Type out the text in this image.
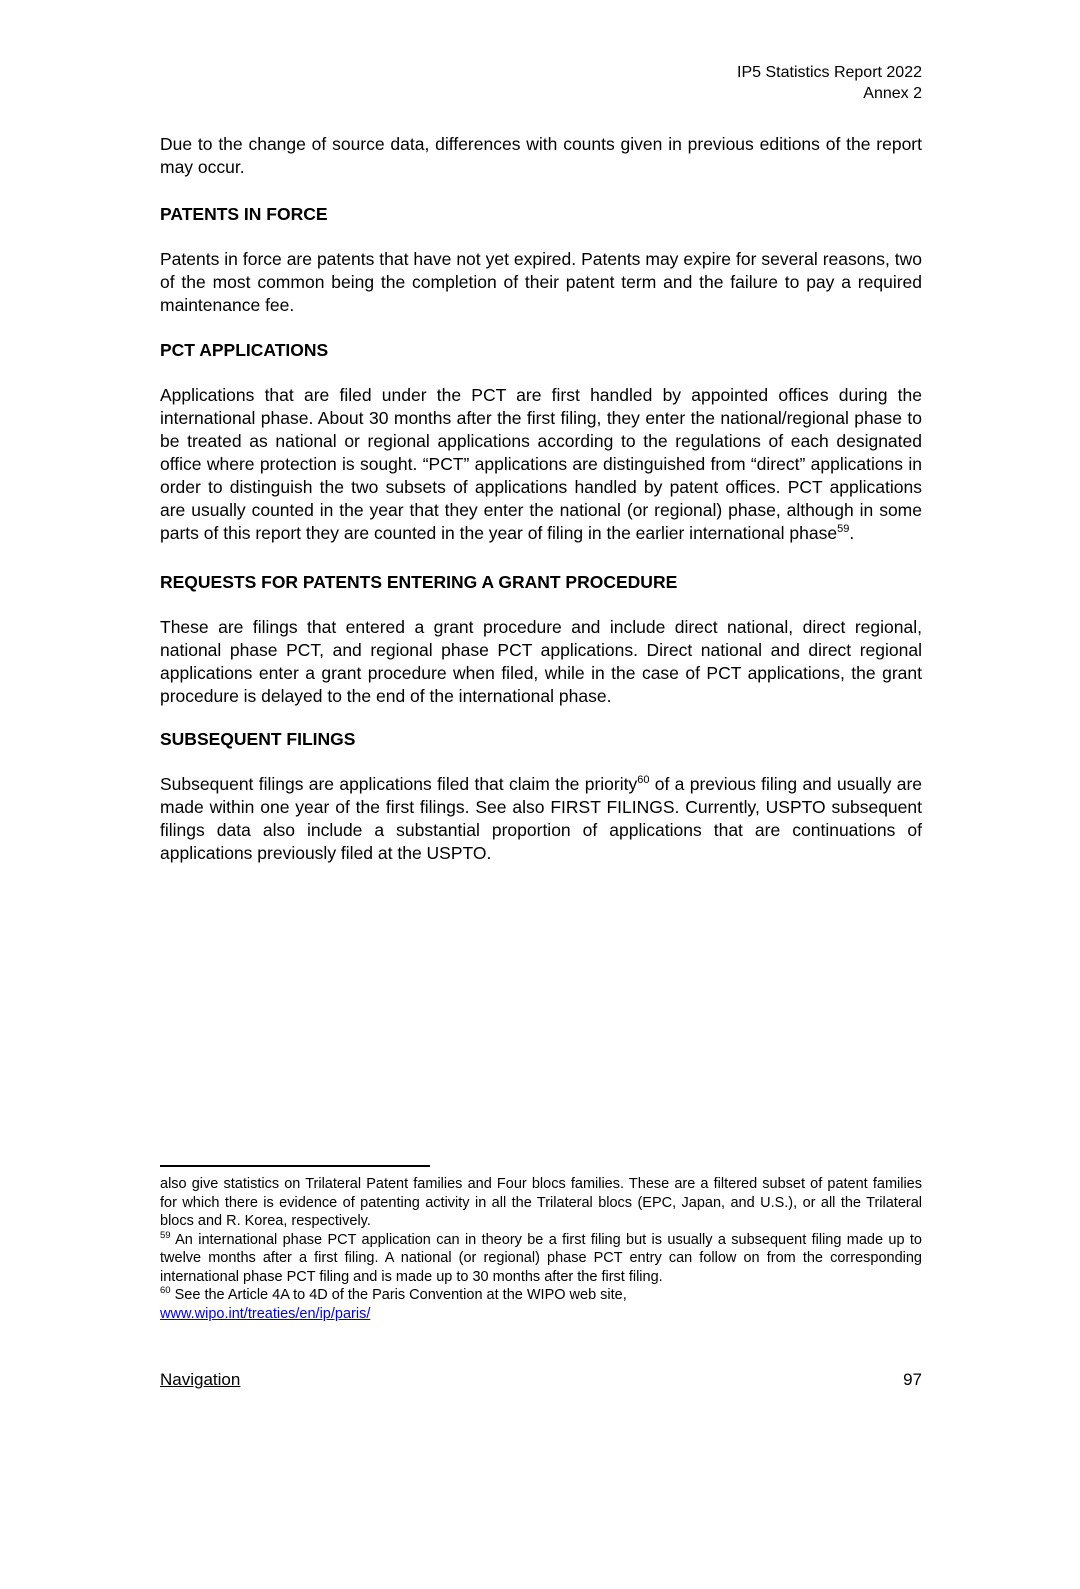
IP5 Statistics Report 2022
Annex 2

Due to the change of source data, differences with counts given in previous editions of the report may occur.

PATENTS IN FORCE

Patents in force are patents that have not yet expired. Patents may expire for several reasons, two of the most common being the completion of their patent term and the failure to pay a required maintenance fee.

PCT APPLICATIONS

Applications that are filed under the PCT are first handled by appointed offices during the international phase. About 30 months after the first filing, they enter the national/regional phase to be treated as national or regional applications according to the regulations of each designated office where protection is sought. “PCT” applications are distinguished from “direct” applications in order to distinguish the two subsets of applications handled by patent offices. PCT applications are usually counted in the year that they enter the national (or regional) phase, although in some parts of this report they are counted in the year of filing in the earlier international phase$^{59}$.

REQUESTS FOR PATENTS ENTERING A GRANT PROCEDURE

These are filings that entered a grant procedure and include direct national, direct regional, national phase PCT, and regional phase PCT applications. Direct national and direct regional applications enter a grant procedure when filed, while in the case of PCT applications, the grant procedure is delayed to the end of the international phase.

SUBSEQUENT FILINGS

Subsequent filings are applications filed that claim the priority$^{60}$ of a previous filing and usually are made within one year of the first filings. See also FIRST FILINGS. Currently, USPTO subsequent filings data also include a substantial proportion of applications that are continuations of applications previously filed at the USPTO.

also give statistics on Trilateral Patent families and Four blocs families. These are a filtered subset of patent families for which there is evidence of patenting activity in all the Trilateral blocs (EPC, Japan, and U.S.), or all the Trilateral blocs and R. Korea, respectively.
$^{59}$ An international phase PCT application can in theory be a first filing but is usually a subsequent filing made up to twelve months after a first filing. A national (or regional) phase PCT entry can follow on from the corresponding international phase PCT filing and is made up to 30 months after the first filing.
$^{60}$ See the Article 4A to 4D of the Paris Convention at the WIPO web site,
www.wipo.int/treaties/en/ip/paris/
Navigation	97
